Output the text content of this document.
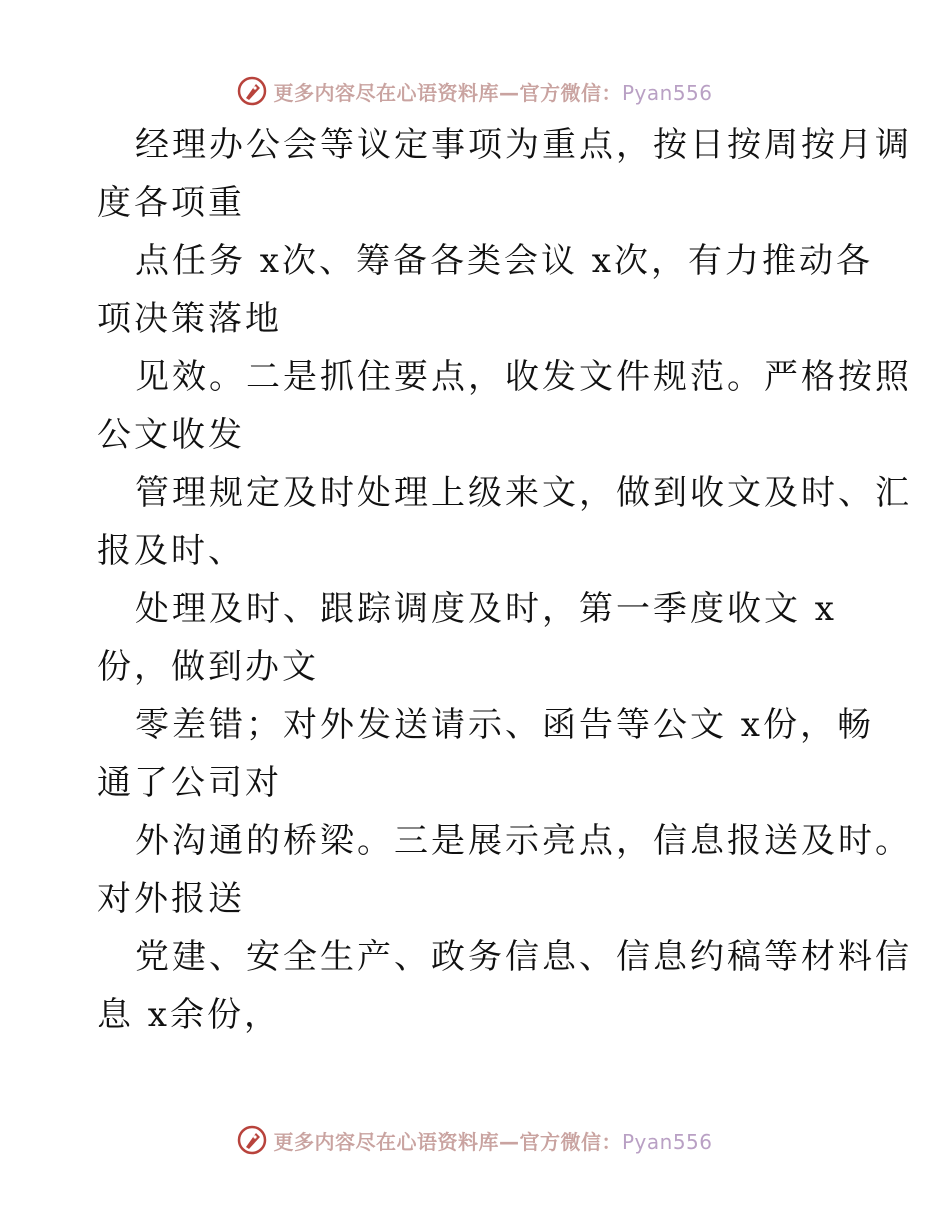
更多内容尽在心语资料库—官方微信：Pyan556
经理办公会等议定事项为重点，按日按周按月调
度各项重
点任务 x次、筹备各类会议 x次，有力推动各
项决策落地
见效。二是抓住要点，收发文件规范。严格按照
公文收发
管理规定及时处理上级来文，做到收文及时、汇
报及时、
处理及时、跟踪调度及时，第一季度收文 x
份，做到办文
零差错；对外发送请示、函告等公文 x份，畅
通了公司对
外沟通的桥梁。三是展示亮点，信息报送及时。
对外报送
党建、安全生产、政务信息、信息约稿等材料信
息 x余份，
更多内容尽在心语资料库—官方微信：Pyan556
